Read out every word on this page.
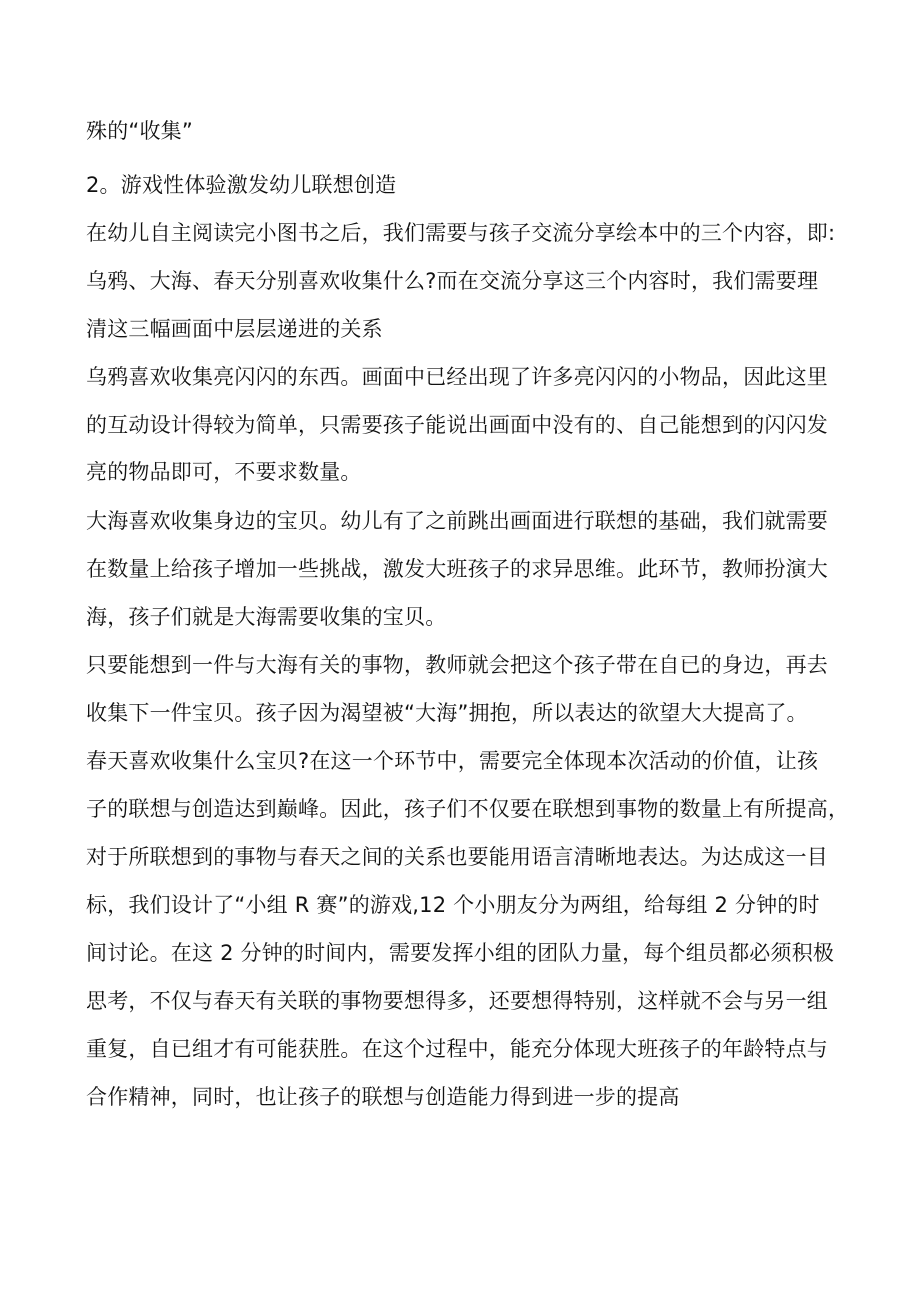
殊的“收集”
2。游戏性体验激发幼儿联想创造
在幼儿自主阅读完小图书之后，我们需要与孩子交流分享绘本中的三个内容，即:
乌鸦、大海、春天分别喜欢收集什么?而在交流分享这三个内容时，我们需要理
清这三幅画面中层层递进的关系
乌鸦喜欢收集亮闪闪的东西。画面中已经出现了许多亮闪闪的小物品，因此这里
的互动设计得较为简单，只需要孩子能说出画面中没有的、自己能想到的闪闪发
亮的物品即可，不要求数量。
大海喜欢收集身边的宝贝。幼儿有了之前跳出画面进行联想的基础，我们就需要
在数量上给孩子增加一些挑战，激发大班孩子的求异思维。此环节，教师扮演大
海，孩子们就是大海需要收集的宝贝。
只要能想到一件与大海有关的事物，教师就会把这个孩子带在自已的身边，再去
收集下一件宝贝。孩子因为渴望被“大海”拥抱，所以表达的欲望大大提高了。
春天喜欢收集什么宝贝?在这一个环节中，需要完全体现本次活动的价值，让孩
子的联想与创造达到巅峰。因此，孩子们不仅要在联想到事物的数量上有所提高，
对于所联想到的事物与春天之间的关系也要能用语言清晰地表达。为达成这一目
标，我们设计了“小组 R 赛”的游戏,12 个小朋友分为两组，给每组 2 分钟的时
间讨论。在这 2 分钟的时间内，需要发挥小组的团队力量，每个组员都必须积极
思考，不仅与春天有关联的事物要想得多，还要想得特别，这样就不会与另一组
重复，自已组才有可能获胜。在这个过程中，能充分体现大班孩子的年龄特点与
合作精神，同时，也让孩子的联想与创造能力得到进一步的提高
